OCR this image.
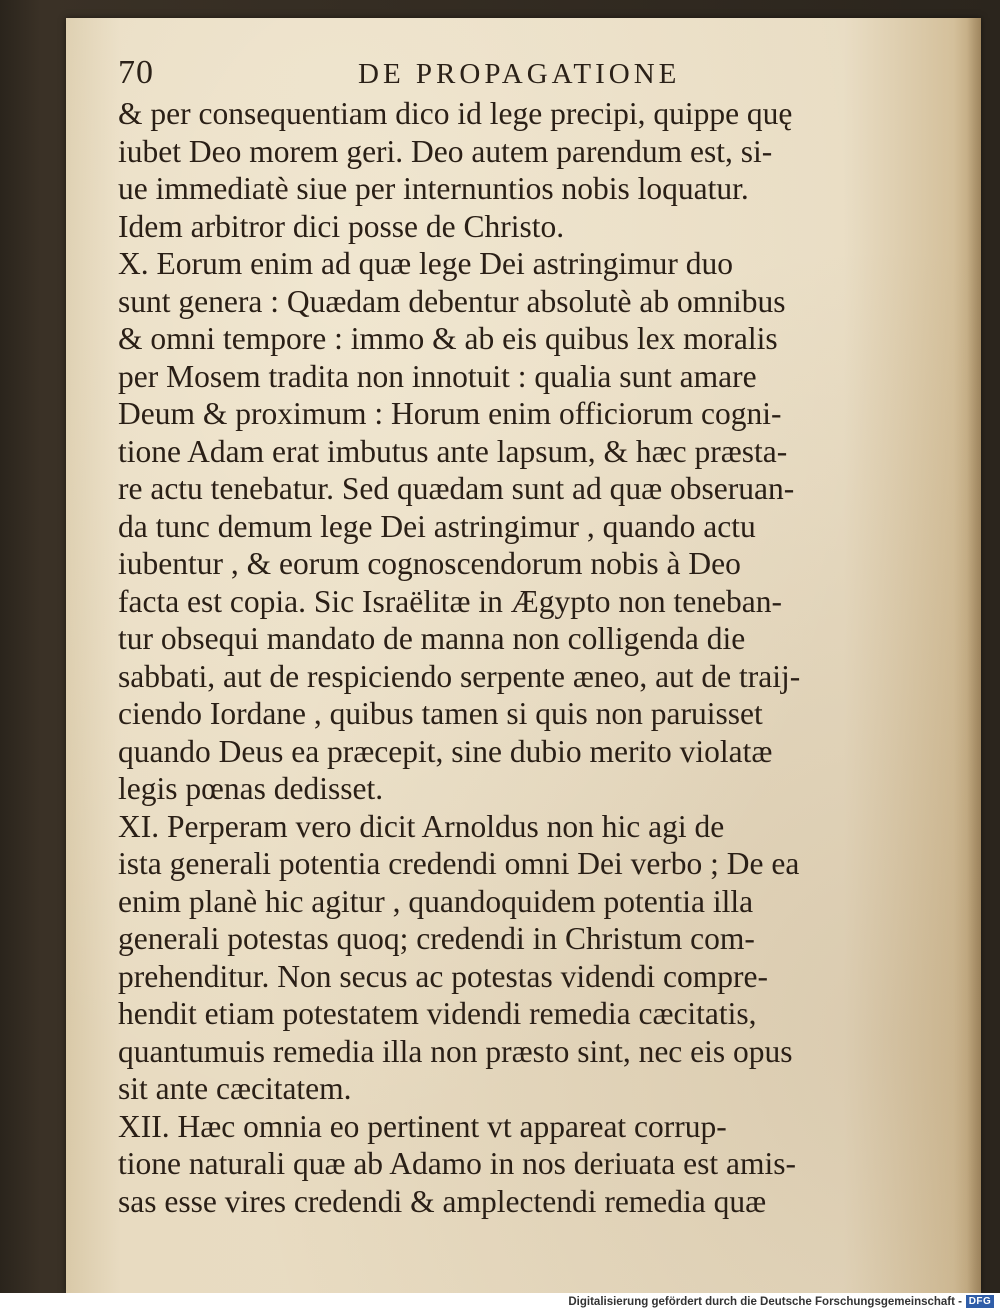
70	DE PROPAGATIONE
& per consequentiam dico id lege precipi, quippe quę
iubet Deo morem geri. Deo autem parendum est, si-
ue immediatè siue per internuntios nobis loquatur.
Idem arbitror dici posse de Christo.
X. Eorum enim ad quæ lege Dei astringimur duo
sunt genera : Quædam debentur absolutè ab omnibus
& omni tempore : immo & ab eis quibus lex moralis
per Mosem tradita non innotuit : qualia sunt amare
Deum & proximum : Horum enim officiorum cogni-
tione Adam erat imbutus ante lapsum, & hæc præsta-
re actu tenebatur. Sed quædam sunt ad quæ obseruan-
da tunc demum lege Dei astringimur , quando actu
iubentur , & eorum cognoscendorum nobis à Deo
facta est copia. Sic Israëlitæ in Ægypto non teneban-
tur obsequi mandato de manna non colligenda die
sabbati, aut de respiciendo serpente æneo, aut de traij-
ciendo Iordane , quibus tamen si quis non paruisset
quando Deus ea præcepit, sine dubio merito violatæ
legis pœnas dedisset.
XI. Perperam vero dicit Arnoldus non hic agi de
ista generali potentia credendi omni Dei verbo ; De ea
enim planè hic agitur , quandoquidem potentia illa
generali potestas quoq; credendi in Christum com-
prehenditur. Non secus ac potestas videndi compre-
hendit etiam potestatem videndi remedia cæcitatis,
quantumuis remedia illa non præsto sint, nec eis opus
sit ante cæcitatem.
XII. Hæc omnia eo pertinent vt appareat corrup-
tione naturali quæ ab Adamo in nos deriuata est amis-
sas esse vires credendi & amplectendi remedia quæ
Digitalisierung gefördert durch die Deutsche Forschungsgemeinschaft - DFG
